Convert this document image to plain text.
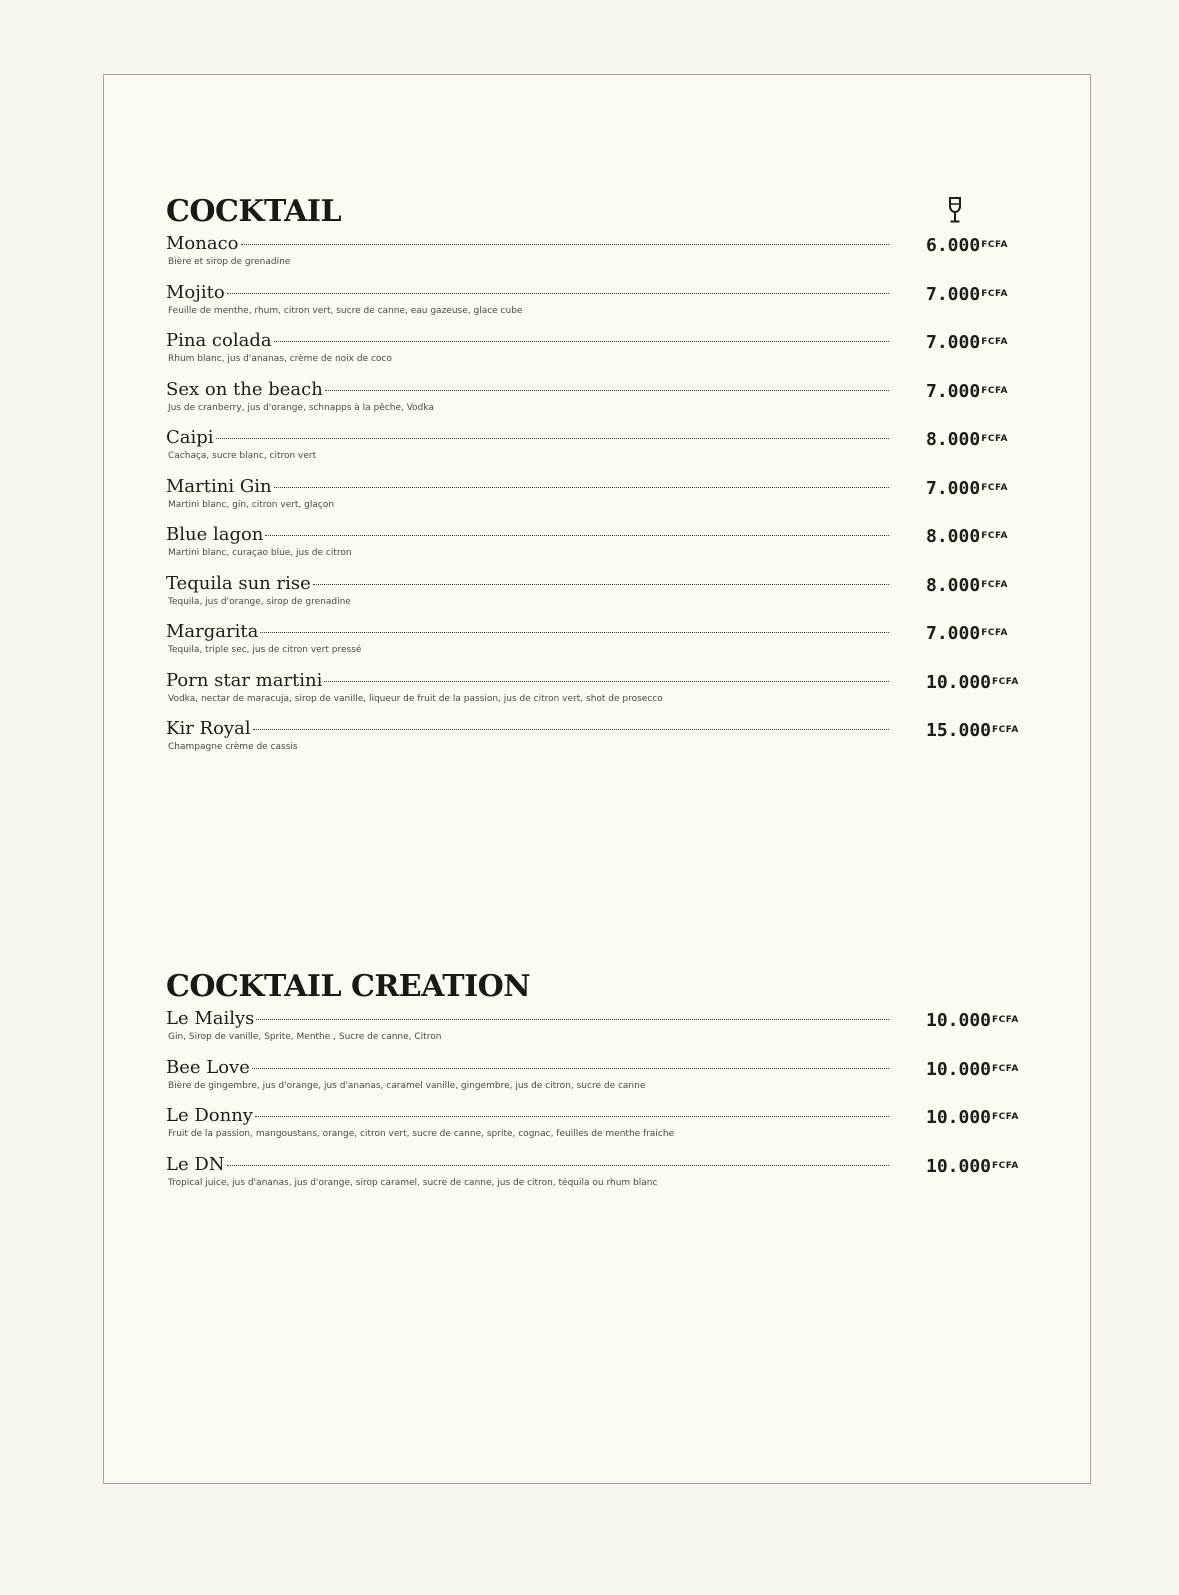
COCKTAIL
Monaco
Bière et sirop de grenadine
$6.000^{FCFA}$
Mojito
Feuille de menthe, rhum, citron vert, sucre de canne, eau gazeuse, glace cube
$7.000^{FCFA}$
Pina colada
Rhum blanc, jus d'ananas, crème de noix de coco
$7.000^{FCFA}$
Sex on the beach
Jus de cranberry, jus d'orange, schnapps à la pêche, Vodka
$7.000^{FCFA}$
Caipi
Cachaça, sucre blanc, citron vert
$8.000^{FCFA}$
Martini Gin
Martini blanc, gin, citron vert, glaçon
$7.000^{FCFA}$
Blue lagon
Martini blanc, curaçao blue, jus de citron
$8.000^{FCFA}$
Tequila sun rise
Tequila, jus d'orange, sirop de grenadine
$8.000^{FCFA}$
Margarita
Tequila, triple sec, jus de citron vert pressé
$7.000^{FCFA}$
Porn star martini
Vodka, nectar de maracuja, sirop de vanille, liqueur de fruit de la passion, jus de citron vert, shot de prosecco
$10.000^{FCFA}$
Kir Royal
Champagne crème de cassis
$15.000^{FCFA}$
COCKTAIL CREATION
Le Mailys
Gin, Sirop de vanille, Sprite, Menthe , Sucre de canne, Citron
$10.000^{FCFA}$
Bee Love
Bière de gingembre, jus d'orange, jus d'ananas, caramel vanille, gingembre, jus de citron, sucre de canne
$10.000^{FCFA}$
Le Donny
Fruit de la passion, mangoustans, orange, citron vert, sucre de canne, sprite, cognac, feuilles de menthe fraiche
$10.000^{FCFA}$
Le DN
Tropical juice, jus d'ananas, jus d'orange, sirop caramel, sucre de canne, jus de citron, téquila ou rhum blanc
$10.000^{FCFA}$
